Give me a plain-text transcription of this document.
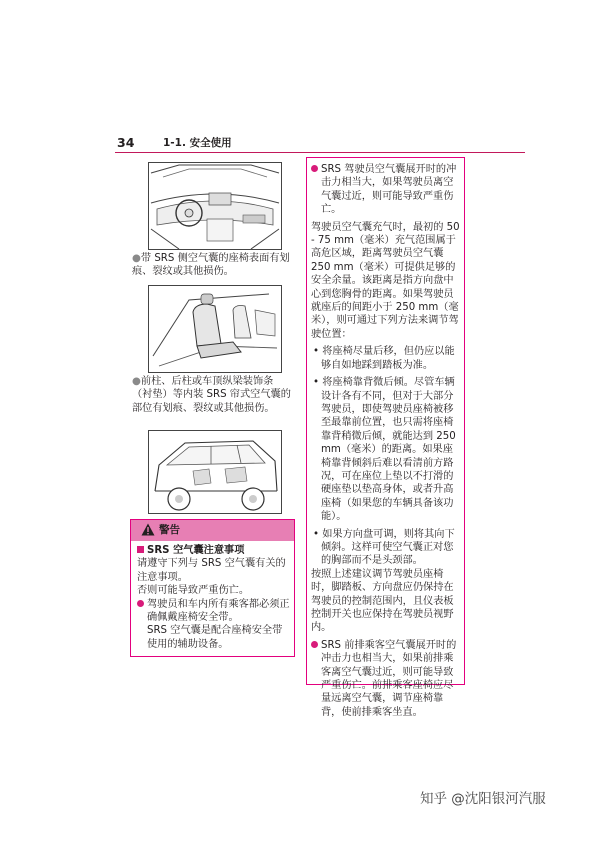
34	1-1. 安全使用
●带 SRS 侧空气囊的座椅表面有划痕、裂纹或其他损伤。
●前柱、后柱或车顶纵梁装饰条（衬垫）等内装 SRS 帘式空气囊的部位有划痕、裂纹或其他损伤。
警告
SRS 空气囊注意事项
请遵守下列与 SRS 空气囊有关的注意事项。
否则可能导致严重伤亡。
驾驶员和车内所有乘客都必须正确佩戴座椅安全带。
SRS 空气囊是配合座椅安全带使用的辅助设备。
SRS 驾驶员空气囊展开时的冲击力相当大，如果驾驶员离空气囊过近，则可能导致严重伤亡。
驾驶员空气囊充气时，最初的 50 - 75 mm（毫米）充气范围属于高危区域，距离驾驶员空气囊 250 mm（毫米）可提供足够的安全余量。该距离是指方向盘中心到您胸骨的距离。如果驾驶员就座后的间距小于 250 mm（毫米），则可通过下列方法来调节驾驶位置：
• 将座椅尽量后移，但仍应以能够自如地踩到踏板为准。
• 将座椅靠背微后倾。尽管车辆设计各有不同，但对于大部分驾驶员，即使驾驶员座椅被移至最靠前位置，也只需将座椅靠背稍微后倾，就能达到 250 mm（毫米）的距离。如果座椅靠背倾斜后难以看清前方路况，可在座位上垫以不打滑的硬座垫以垫高身体，或者升高座椅（如果您的车辆具备该功能）。
• 如果方向盘可调，则将其向下倾斜。这样可使空气囊正对您的胸部而不是头颈部。
按照上述建议调节驾驶员座椅时，脚踏板、方向盘应仍保持在驾驶员的控制范围内，且仪表板控制开关也应保持在驾驶员视野内。
SRS 前排乘客空气囊展开时的冲击力也相当大，如果前排乘客离空气囊过近，则可能导致严重伤亡。前排乘客座椅应尽量远离空气囊，调节座椅靠背，使前排乘客坐直。
知乎 @沈阳银河汽服
